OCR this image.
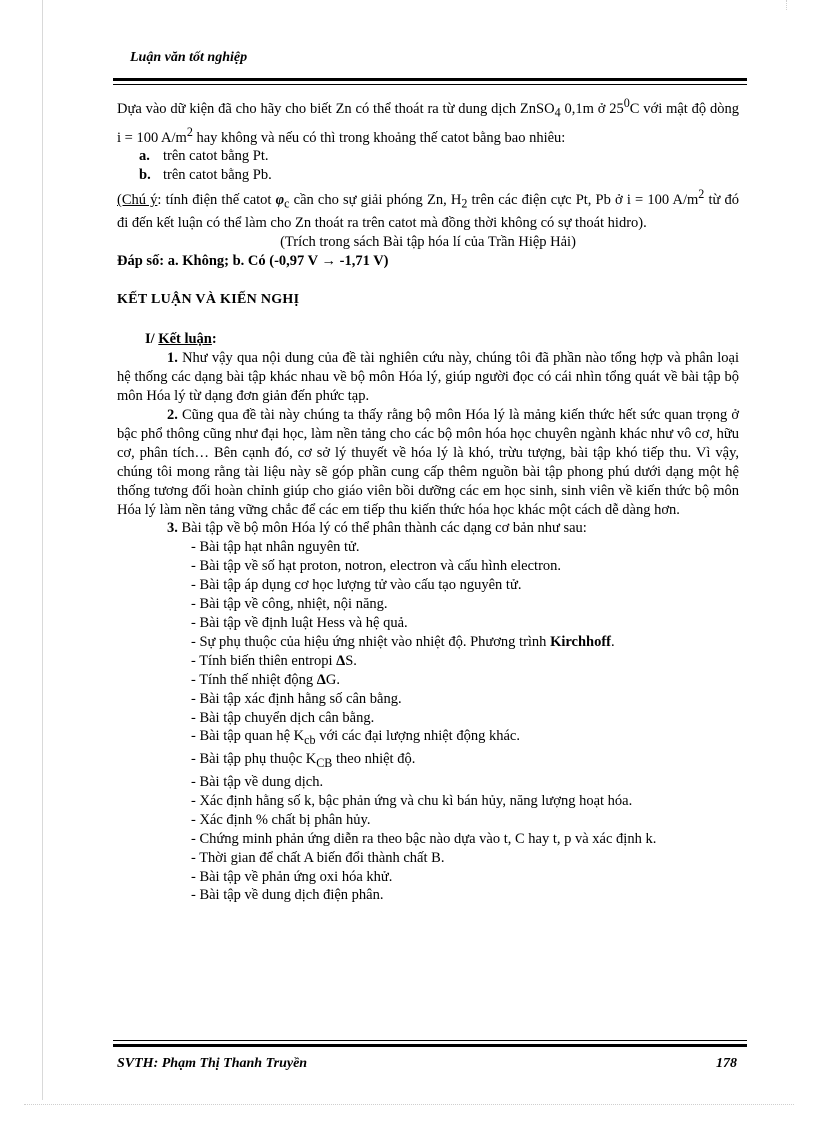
Luận văn tốt nghiệp

Dựa vào dữ kiện đã cho hãy cho biết Zn có thể thoát ra từ dung dịch ZnSO$_4$ 0,1m ở $25^0C$ với mật độ dòng i = 100 $A/m^2$ hay không và nếu có thì trong khoảng thế catot bằng bao nhiêu:

a. trên catot bằng Pt.

b. trên catot bằng Pb.

(Chú ý: tính điện thế catot $\varphi_c$ cần cho sự giải phóng Zn, $H_2$ trên các điện cực Pt, Pb ở i = 100 $A/m^2$ từ đó đi đến kết luận có thể làm cho Zn thoát ra trên catot mà đồng thời không có sự thoát hidro).

(Trích trong sách Bài tập hóa lí của Trần Hiệp Hải)

Đáp số: a. Không; b. Có (-0,97 V → -1,71 V)

KẾT LUẬN VÀ KIẾN NGHỊ

I/ Kết luận:

1. Như vậy qua nội dung của đề tài nghiên cứu này, chúng tôi đã phần nào tổng hợp và phân loại hệ thống các dạng bài tập khác nhau về bộ môn Hóa lý, giúp người đọc có cái nhìn tổng quát về bài tập bộ môn Hóa lý từ dạng đơn giản đến phức tạp.

2. Cũng qua đề tài này chúng ta thấy rằng bộ môn Hóa lý là mảng kiến thức hết sức quan trọng ở bậc phổ thông cũng như đại học, làm nền tảng cho các bộ môn hóa học chuyên ngành khác như vô cơ, hữu cơ, phân tích… Bên cạnh đó, cơ sở lý thuyết về hóa lý là khó, trừu tượng, bài tập khó tiếp thu. Vì vậy, chúng tôi mong rằng tài liệu này sẽ góp phần cung cấp thêm nguồn bài tập phong phú dưới dạng một hệ thống tương đối hoàn chỉnh giúp cho giáo viên bồi dưỡng các em học sinh, sinh viên về kiến thức bộ môn Hóa lý làm nền tảng vững chắc để các em tiếp thu kiến thức hóa học khác một cách dễ dàng hơn.

3. Bài tập về bộ môn Hóa lý có thể phân thành các dạng cơ bản như sau:

- Bài tập hạt nhân nguyên tử.

- Bài tập về số hạt proton, notron, electron và cấu hình electron.

- Bài tập áp dụng cơ học lượng tử vào cấu tạo nguyên tử.

- Bài tập về công, nhiệt, nội năng.

- Bài tập về định luật Hess và hệ quả.

- Sự phụ thuộc của hiệu ứng nhiệt vào nhiệt độ. Phương trình Kirchhoff.

- Tính biến thiên entropi ΔS.

- Tính thế nhiệt động ΔG.

- Bài tập xác định hằng số cân bằng.

- Bài tập chuyển dịch cân bằng.

- Bài tập quan hệ $K_{cb}$ với các đại lượng nhiệt động khác.

- Bài tập phụ thuộc $K_{CB}$ theo nhiệt độ.

- Bài tập về dung dịch.

- Xác định hằng số k, bậc phản ứng và chu kì bán hủy, năng lượng hoạt hóa.

- Xác định % chất bị phân hủy.

- Chứng minh phản ứng diễn ra theo bậc nào dựa vào t, C hay t, p và xác định k.

- Thời gian để chất A biến đổi thành chất B.

- Bài tập về phản ứng oxi hóa khử.

- Bài tập về dung dịch điện phân.

SVTH: Phạm Thị Thanh Truyền	178
